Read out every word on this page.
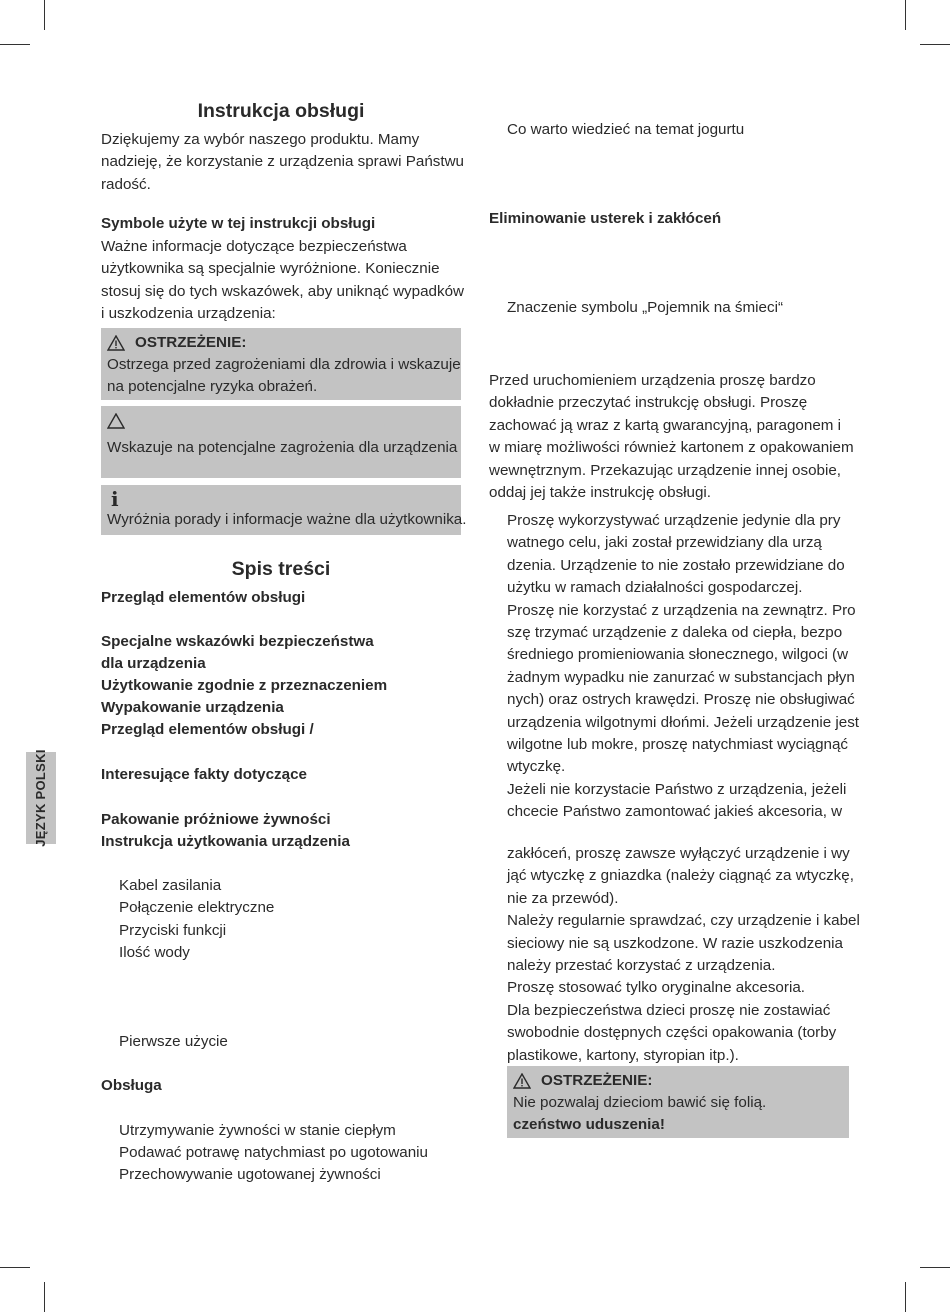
Instrukcja obsługi
Dziękujemy za wybór naszego produktu. Mamy
nadzieję, że korzystanie z urządzenia sprawi Państwu
radość.
Symbole użyte w tej instrukcji obsługi
Ważne informacje dotyczące bezpieczeństwa
użytkownika są specjalnie wyróżnione. Koniecznie
stosuj się do tych wskazówek, aby uniknąć wypadków
i uszkodzenia urządzenia:
OSTRZEŻENIE:
Ostrzega przed zagrożeniami dla zdrowia i wskazuje
na potencjalne ryzyka obrażeń.
Wskazuje na potencjalne zagrożenia dla urządzenia
i
Wyróżnia porady i informacje ważne dla użytkownika.
Spis treści
Przegląd elementów obsługi
Specjalne wskazówki bezpieczeństwa
dla urządzenia
Użytkowanie zgodnie z przeznaczeniem
Wypakowanie urządzenia
Przegląd elementów obsługi /
Interesujące fakty dotyczące
Pakowanie próżniowe żywności
Instrukcja użytkowania urządzenia
Kabel zasilania
Połączenie elektryczne
Przyciski funkcji
Ilość wody
Pierwsze użycie
Obsługa
Utrzymywanie żywności w stanie ciepłym
Podawać potrawę natychmiast po ugotowaniu
Przechowywanie ugotowanej żywności
JĘZYK POLSKI
Co warto wiedzieć na temat jogurtu
Eliminowanie usterek i zakłóceń
Znaczenie symbolu „Pojemnik na śmieci“
Przed uruchomieniem urządzenia proszę bardzo
dokładnie przeczytać instrukcję obsługi. Proszę
zachować ją wraz z kartą gwarancyjną, paragonem i
w miarę możliwości również kartonem z opakowaniem
wewnętrznym. Przekazując urządzenie innej osobie,
oddaj jej także instrukcję obsługi.
Proszę wykorzystywać urządzenie jedynie dla pry
watnego celu, jaki został przewidziany dla urzą
dzenia. Urządzenie to nie zostało przewidziane do
użytku w ramach działalności gospodarczej.
Proszę nie korzystać z urządzenia na zewnątrz. Pro
szę trzymać urządzenie z daleka od ciepła, bezpo
średniego promieniowania słonecznego, wilgoci (w
żadnym wypadku nie zanurzać w substancjach płyn
nych) oraz ostrych krawędzi. Proszę nie obsługiwać
urządzenia wilgotnymi dłońmi. Jeżeli urządzenie jest
wilgotne lub mokre, proszę natychmiast wyciągnąć
wtyczkę.
Jeżeli nie korzystacie Państwo z urządzenia, jeżeli
chcecie Państwo zamontować jakieś akcesoria, w
zakłóceń, proszę zawsze wyłączyć urządzenie i wy
jąć wtyczkę z gniazdka (należy ciągnąć za wtyczkę,
nie za przewód).
Należy regularnie sprawdzać, czy urządzenie i kabel
sieciowy nie są uszkodzone. W razie uszkodzenia
należy przestać korzystać z urządzenia.
Proszę stosować tylko oryginalne akcesoria.
Dla bezpieczeństwa dzieci proszę nie zostawiać
swobodnie dostępnych części opakowania (torby
plastikowe, kartony, styropian itp.).
OSTRZEŻENIE:
Nie pozwalaj dzieciom bawić się folią.
czeństwo uduszenia!
